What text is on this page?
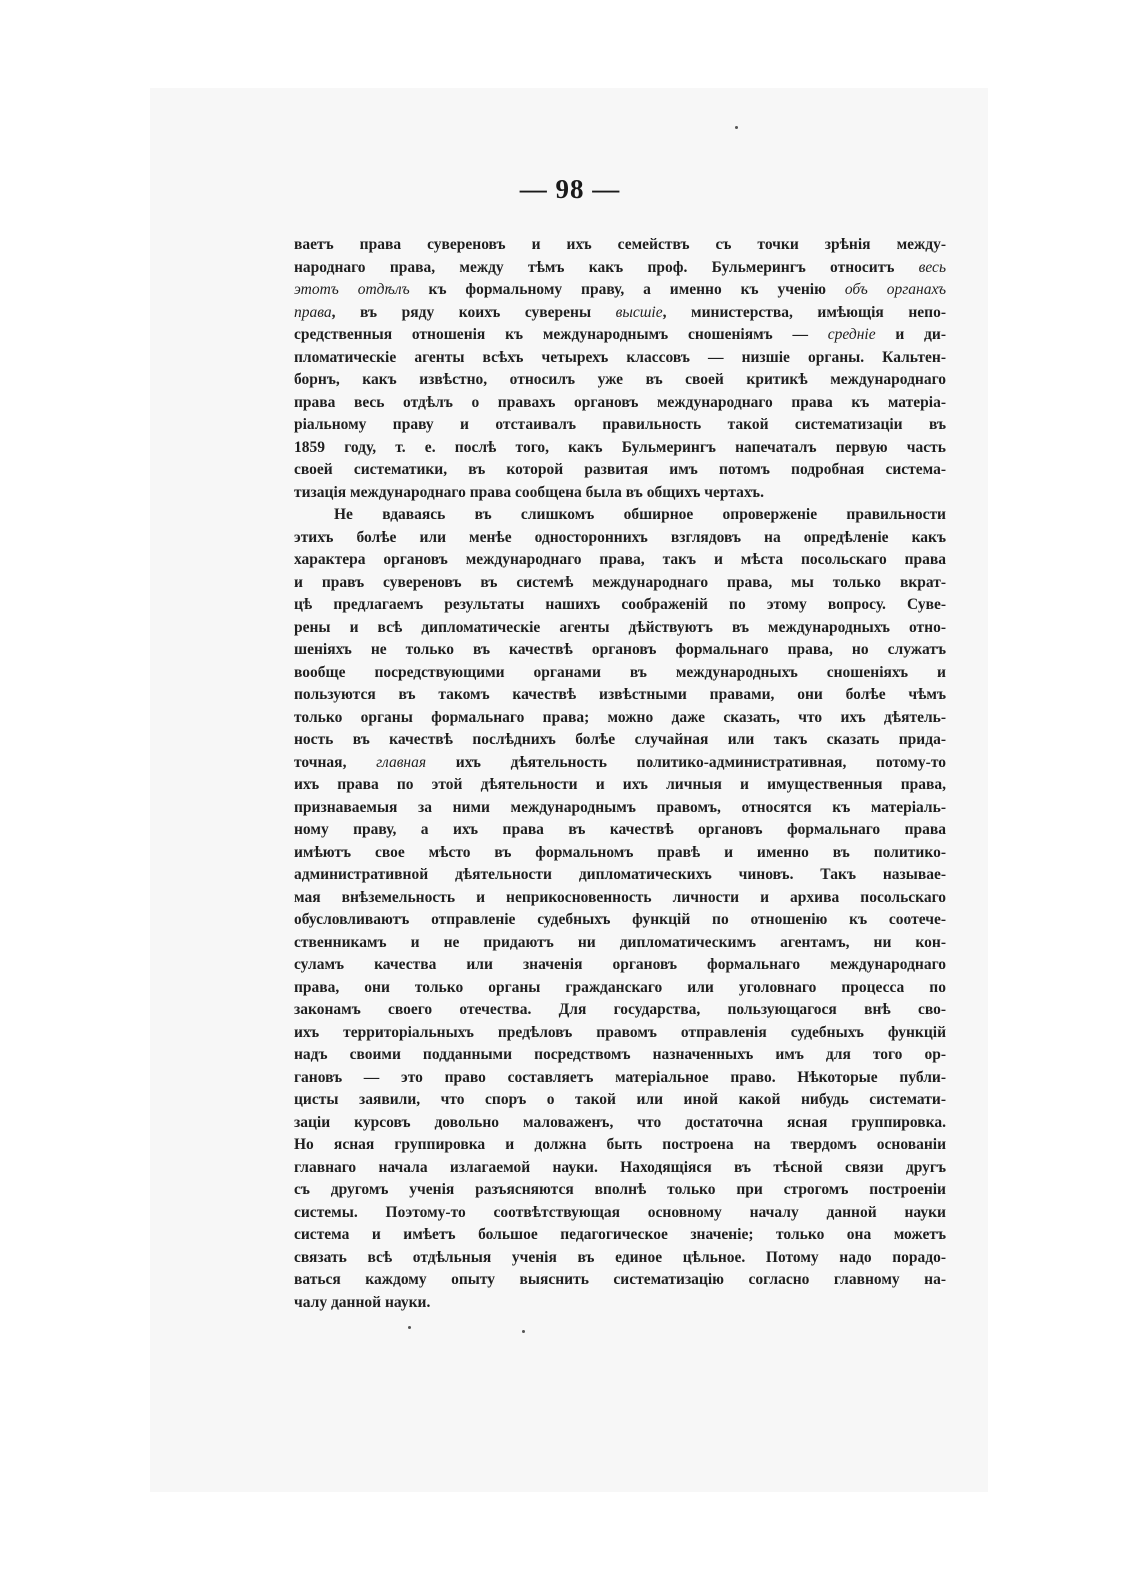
— 98 —
ваетъ права сувереновъ и ихъ семействъ съ точки зрѣнія между-
народнаго права, между тѣмъ какъ проф. Бульмерингъ относитъ весь
этотъ отдѣлъ къ формальному праву, а именно къ ученію объ органахъ
права, въ ряду коихъ суверены высшіе, министерства, имѣющія непо-
средственныя отношенія къ международнымъ сношеніямъ — средніе и ди-
пломатическіе агенты всѣхъ четырехъ классовъ — низшіе органы. Кальтен-
борнъ, какъ извѣстно, относилъ уже въ своей критикѣ международнаго
права весь отдѣлъ о правахъ органовъ международнаго права къ матеріа-
ріальному праву и отстаивалъ правильность такой систематизаціи въ
1859 году, т. е. послѣ того, какъ Бульмерингъ напечаталъ первую часть
своей систематики, въ которой развитая имъ потомъ подробная система-
тизація международнаго права сообщена была въ общихъ чертахъ.
Не вдаваясь въ слишкомъ обширное опроверженіе правильности
этихъ болѣе или менѣе одностороннихъ взглядовъ на опредѣленіе какъ
характера органовъ международнаго права, такъ и мѣста посольскаго права
и правъ сувереновъ въ системѣ международнаго права, мы только вкрат-
цѣ предлагаемъ результаты нашихъ соображеній по этому вопросу. Суве-
рены и всѣ дипломатическіе агенты дѣйствуютъ въ международныхъ отно-
шеніяхъ не только въ качествѣ органовъ формальнаго права, но служатъ
вообще посредствующими органами въ международныхъ сношеніяхъ и
пользуются въ такомъ качествѣ извѣстными правами, они болѣе чѣмъ
только органы формальнаго права; можно даже сказать, что ихъ дѣятель-
ность въ качествѣ послѣднихъ болѣе случайная или такъ сказать прида-
точная, главная ихъ дѣятельность политико-административная, потому-то
ихъ права по этой дѣятельности и ихъ личныя и имущественныя права,
признаваемыя за ними международнымъ правомъ, относятся къ матеріаль-
ному праву, а ихъ права въ качествѣ органовъ формальнаго права
имѣютъ свое мѣсто въ формальномъ правѣ и именно въ политико-
административной дѣятельности дипломатическихъ чиновъ. Такъ называе-
мая внѣземельность и неприкосновенность личности и архива посольскаго
обусловливаютъ отправленіе судебныхъ функцій по отношенію къ соотече-
ственникамъ и не придаютъ ни дипломатическимъ агентамъ, ни кон-
суламъ качества или значенія органовъ формальнаго международнаго
права, они только органы гражданскаго или уголовнаго процесса по
законамъ своего отечества. Для государства, пользующагося внѣ сво-
ихъ территоріальныхъ предѣловъ правомъ отправленія судебныхъ функцій
надъ своими подданными посредствомъ назначенныхъ имъ для того ор-
гановъ — это право составляетъ матеріальное право. Нѣкоторые публи-
цисты заявили, что споръ о такой или иной какой нибудь системати-
заціи курсовъ довольно маловаженъ, что достаточна ясная группировка.
Но ясная группировка и должна быть построена на твердомъ основаніи
главнаго начала излагаемой науки. Находящіяся въ тѣсной связи другъ
съ другомъ ученія разъясняются вполнѣ только при строгомъ построеніи
системы. Поэтому-то соотвѣтствующая основному началу данной науки
система и имѣетъ большое педагогическое значеніе; только она можетъ
связать всѣ отдѣльныя ученія въ единое цѣльное. Потому надо порадо-
ваться каждому опыту выяснить систематизацію согласно главному на-
чалу данной науки.
